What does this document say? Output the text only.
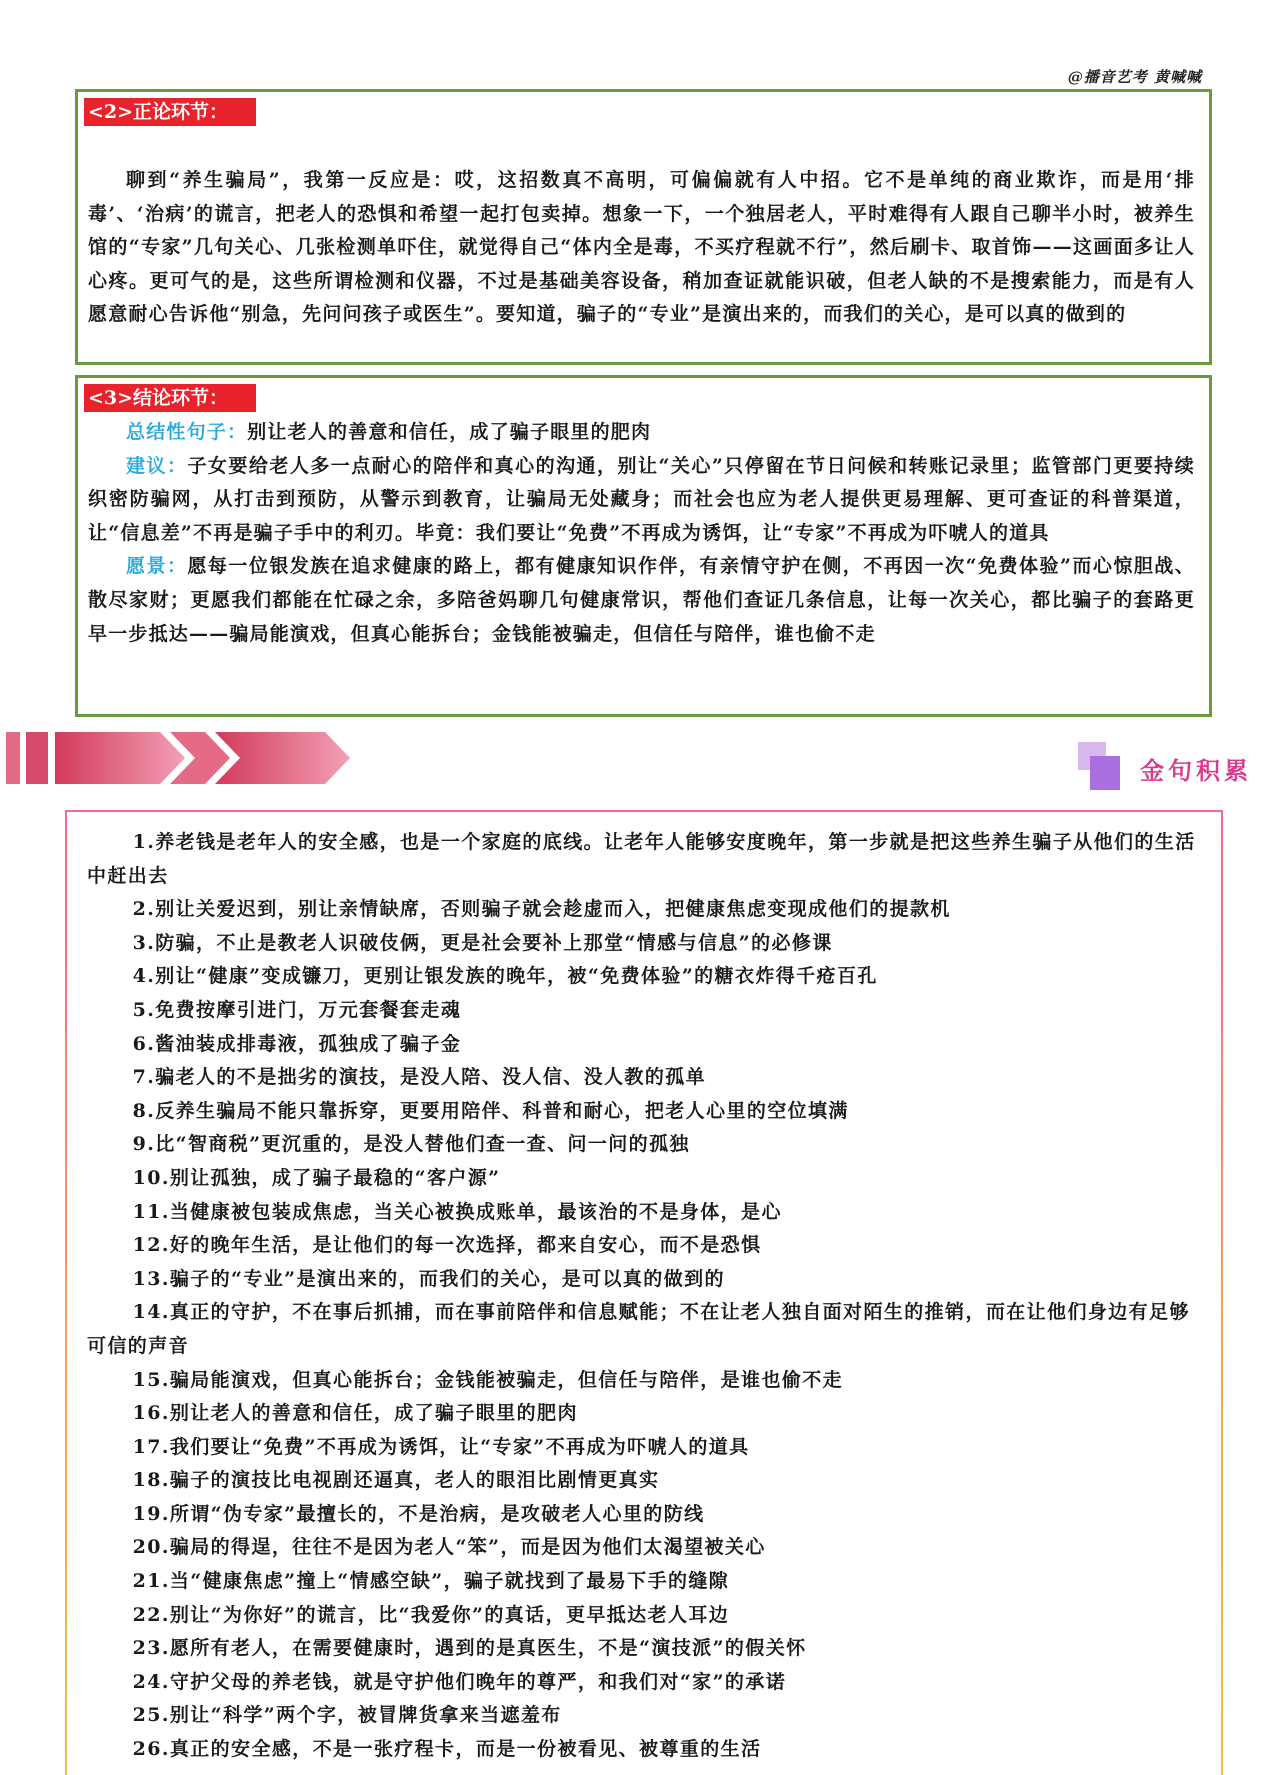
@播音艺考 黄喊喊
<2>正论环节：
聊到“养生骗局”，我第一反应是：哎，这招数真不高明，可偏偏就有人中招。它不是单纯的商业欺诈，而是用‘排毒’、‘治病’的谎言，把老人的恐惧和希望一起打包卖掉。想象一下，一个独居老人，平时难得有人跟自己聊半小时，被养生馆的“专家”几句关心、几张检测单吓住，就觉得自己“体内全是毒，不买疗程就不行”，然后刷卡、取首饰——这画面多让人心疼。更可气的是，这些所谓检测和仪器，不过是基础美容设备，稍加查证就能识破，但老人缺的不是搜索能力，而是有人愿意耐心告诉他“别急，先问问孩子或医生”。要知道，骗子的“专业”是演出来的，而我们的关心，是可以真的做到的
<3>结论环节：
总结性句子：别让老人的善意和信任，成了骗子眼里的肥肉
建议：子女要给老人多一点耐心的陪伴和真心的沟通，别让“关心”只停留在节日问候和转账记录里；监管部门更要持续织密防骗网，从打击到预防，从警示到教育，让骗局无处藏身；而社会也应为老人提供更易理解、更可查证的科普渠道，让“信息差”不再是骗子手中的利刃。毕竟：我们要让“免费”不再成为诱饵，让“专家”不再成为吓唬人的道具
愿景：愿每一位银发族在追求健康的路上，都有健康知识作伴，有亲情守护在侧，不再因一次“免费体验”而心惊胆战、散尽家财；更愿我们都能在忙碌之余，多陪爸妈聊几句健康常识，帮他们查证几条信息，让每一次关心，都比骗子的套路更早一步抵达——骗局能演戏，但真心能拆台；金钱能被骗走，但信任与陪伴，谁也偷不走
金句积累
1.养老钱是老年人的安全感，也是一个家庭的底线。让老年人能够安度晚年，第一步就是把这些养生骗子从他们的生活中赶出去
2.别让关爱迟到，别让亲情缺席，否则骗子就会趁虚而入，把健康焦虑变现成他们的提款机
3.防骗，不止是教老人识破伎俩，更是社会要补上那堂“情感与信息”的必修课
4.别让“健康”变成镰刀，更别让银发族的晚年，被“免费体验”的糖衣炸得千疮百孔
5.免费按摩引进门，万元套餐套走魂
6.酱油装成排毒液，孤独成了骗子金
7.骗老人的不是拙劣的演技，是没人陪、没人信、没人教的孤单
8.反养生骗局不能只靠拆穿，更要用陪伴、科普和耐心，把老人心里的空位填满
9.比“智商税”更沉重的，是没人替他们查一查、问一问的孤独
10.别让孤独，成了骗子最稳的“客户源”
11.当健康被包装成焦虑，当关心被换成账单，最该治的不是身体，是心
12.好的晚年生活，是让他们的每一次选择，都来自安心，而不是恐惧
13.骗子的“专业”是演出来的，而我们的关心，是可以真的做到的
14.真正的守护，不在事后抓捕，而在事前陪伴和信息赋能；不在让老人独自面对陌生的推销，而在让他们身边有足够可信的声音
15.骗局能演戏，但真心能拆台；金钱能被骗走，但信任与陪伴，是谁也偷不走
16.别让老人的善意和信任，成了骗子眼里的肥肉
17.我们要让“免费”不再成为诱饵，让“专家”不再成为吓唬人的道具
18.骗子的演技比电视剧还逼真，老人的眼泪比剧情更真实
19.所谓“伪专家”最擅长的，不是治病，是攻破老人心里的防线
20.骗局的得逞，往往不是因为老人“笨”，而是因为他们太渴望被关心
21.当“健康焦虑”撞上“情感空缺”，骗子就找到了最易下手的缝隙
22.别让“为你好”的谎言，比“我爱你”的真话，更早抵达老人耳边
23.愿所有老人，在需要健康时，遇到的是真医生，不是“演技派”的假关怀
24.守护父母的养老钱，就是守护他们晚年的尊严，和我们对“家”的承诺
25.别让“科学”两个字，被冒牌货拿来当遮羞布
26.真正的安全感，不是一张疗程卡，而是一份被看见、被尊重的生活
